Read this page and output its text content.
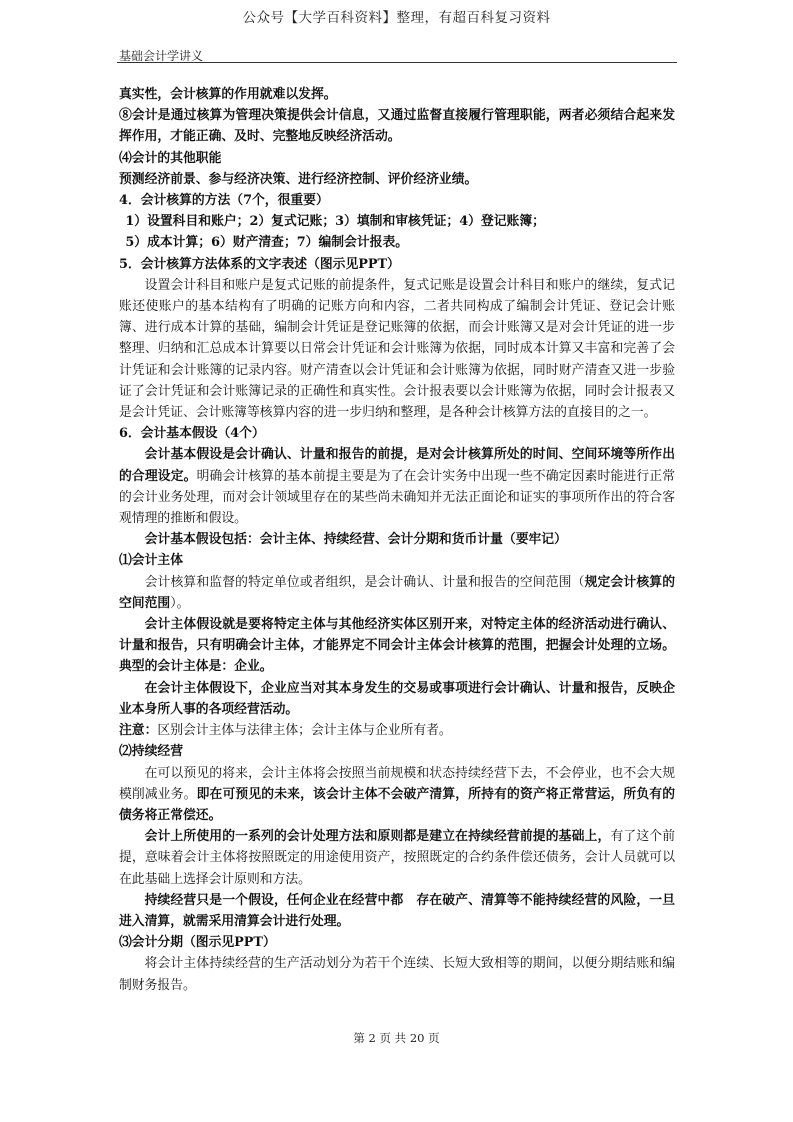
公众号【大学百科资料】整理，有超百科复习资料
基础会计学讲义

真实性，会计核算的作用就难以发挥。

⑧会计是通过核算为管理决策提供会计信息，又通过监督直接履行管理职能，两者必须结合起来发挥作用，才能正确、及时、完整地反映经济活动。

⑷会计的其他职能

预测经济前景、参与经济决策、进行经济控制、评价经济业绩。

4．会计核算的方法（7个，很重要）

1）设置科目和账户；2）复式记账；3）填制和审核凭证；4）登记账簿；

5）成本计算；6）财产清查；7）编制会计报表。

5．会计核算方法体系的文字表述（图示见PPT）

设置会计科目和账户是复式记账的前提条件，复式记账是设置会计科目和账户的继续，复式记账还使账户的基本结构有了明确的记账方向和内容，二者共同构成了编制会计凭证、登记会计账簿、进行成本计算的基础，编制会计凭证是登记账簿的依据，而会计账簿又是对会计凭证的进一步整理、归纳和汇总成本计算要以日常会计凭证和会计账簿为依据，同时成本计算又丰富和完善了会计凭证和会计账簿的记录内容。财产清查以会计凭证和会计账簿为依据，同时财产清查又进一步验证了会计凭证和会计账簿记录的正确性和真实性。会计报表要以会计账簿为依据，同时会计报表又是会计凭证、会计账簿等核算内容的进一步归纳和整理，是各种会计核算方法的直接目的之一。

6．会计基本假设（4个）

会计基本假设是会计确认、计量和报告的前提，是对会计核算所处的时间、空间环境等所作出的合理设定。明确会计核算的基本前提主要是为了在会计实务中出现一些不确定因素时能进行正常的会计业务处理，而对会计领域里存在的某些尚未确知并无法正面论和证实的事项所作出的符合客观情理的推断和假设。

会计基本假设包括：会计主体、持续经营、会计分期和货币计量（要牢记）

⑴会计主体

会计核算和监督的特定单位或者组织，是会计确认、计量和报告的空间范围（规定会计核算的空间范围）。

会计主体假设就是要将特定主体与其他经济实体区别开来，对特定主体的经济活动进行确认、计量和报告，只有明确会计主体，才能界定不同会计主体会计核算的范围，把握会计处理的立场。典型的会计主体是：企业。

在会计主体假设下，企业应当对其本身发生的交易或事项进行会计确认、计量和报告，反映企业本身所人事的各项经营活动。

注意：区别会计主体与法律主体；会计主体与企业所有者。

⑵持续经营

在可以预见的将来，会计主体将会按照当前规模和状态持续经营下去，不会停业，也不会大规模削减业务。即在可预见的未来，该会计主体不会破产清算，所持有的资产将正常营运，所负有的债务将正常偿还。

会计上所使用的一系列的会计处理方法和原则都是建立在持续经营前提的基础上，有了这个前提，意味着会计主体将按照既定的用途使用资产，按照既定的合约条件偿还债务，会计人员就可以在此基础上选择会计原则和方法。

持续经营只是一个假设，任何企业在经营中都　存在破产、清算等不能持续经营的风险，一旦进入清算，就需采用清算会计进行处理。

⑶会计分期（图示见PPT）

将会计主体持续经营的生产活动划分为若干个连续、长短大致相等的期间，以便分期结账和编制财务报告。

第 2 页 共 20 页
